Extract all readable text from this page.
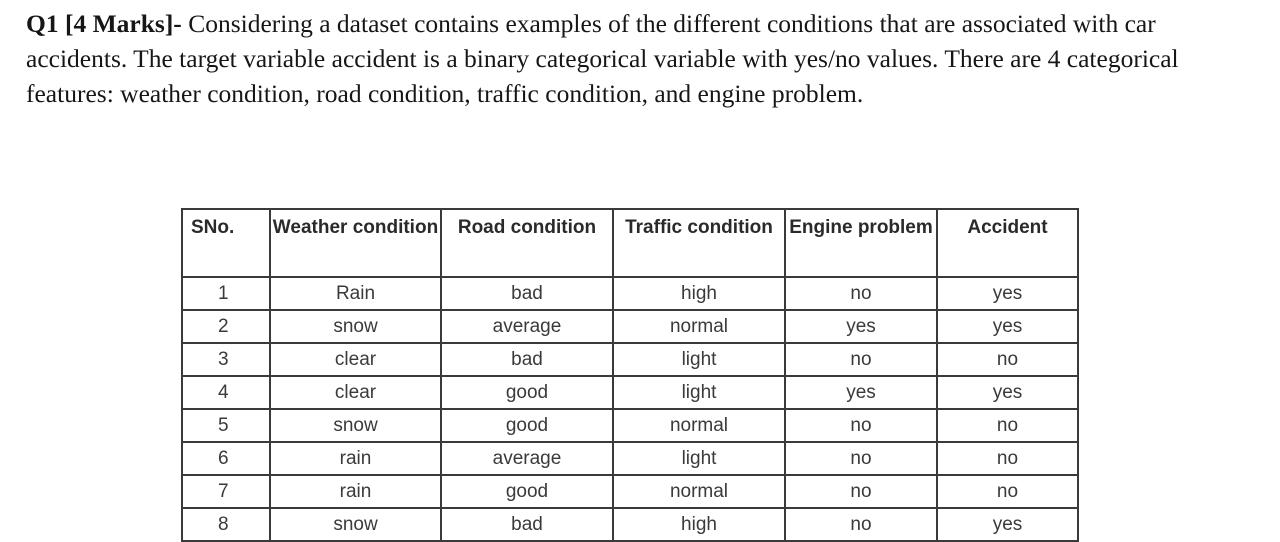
Q1 [4 Marks]- Considering a dataset contains examples of the different conditions that are associated with car accidents. The target variable accident is a binary categorical variable with yes/no values. There are 4 categorical features: weather condition, road condition, traffic condition, and engine problem.
SNo.	Weather condition	Road condition	Traffic condition	Engine problem	Accident
1	Rain	bad	high	no	yes
2	snow	average	normal	yes	yes
3	clear	bad	light	no	no
4	clear	good	light	yes	yes
5	snow	good	normal	no	no
6	rain	average	light	no	no
7	rain	good	normal	no	no
8	snow	bad	high	no	yes
